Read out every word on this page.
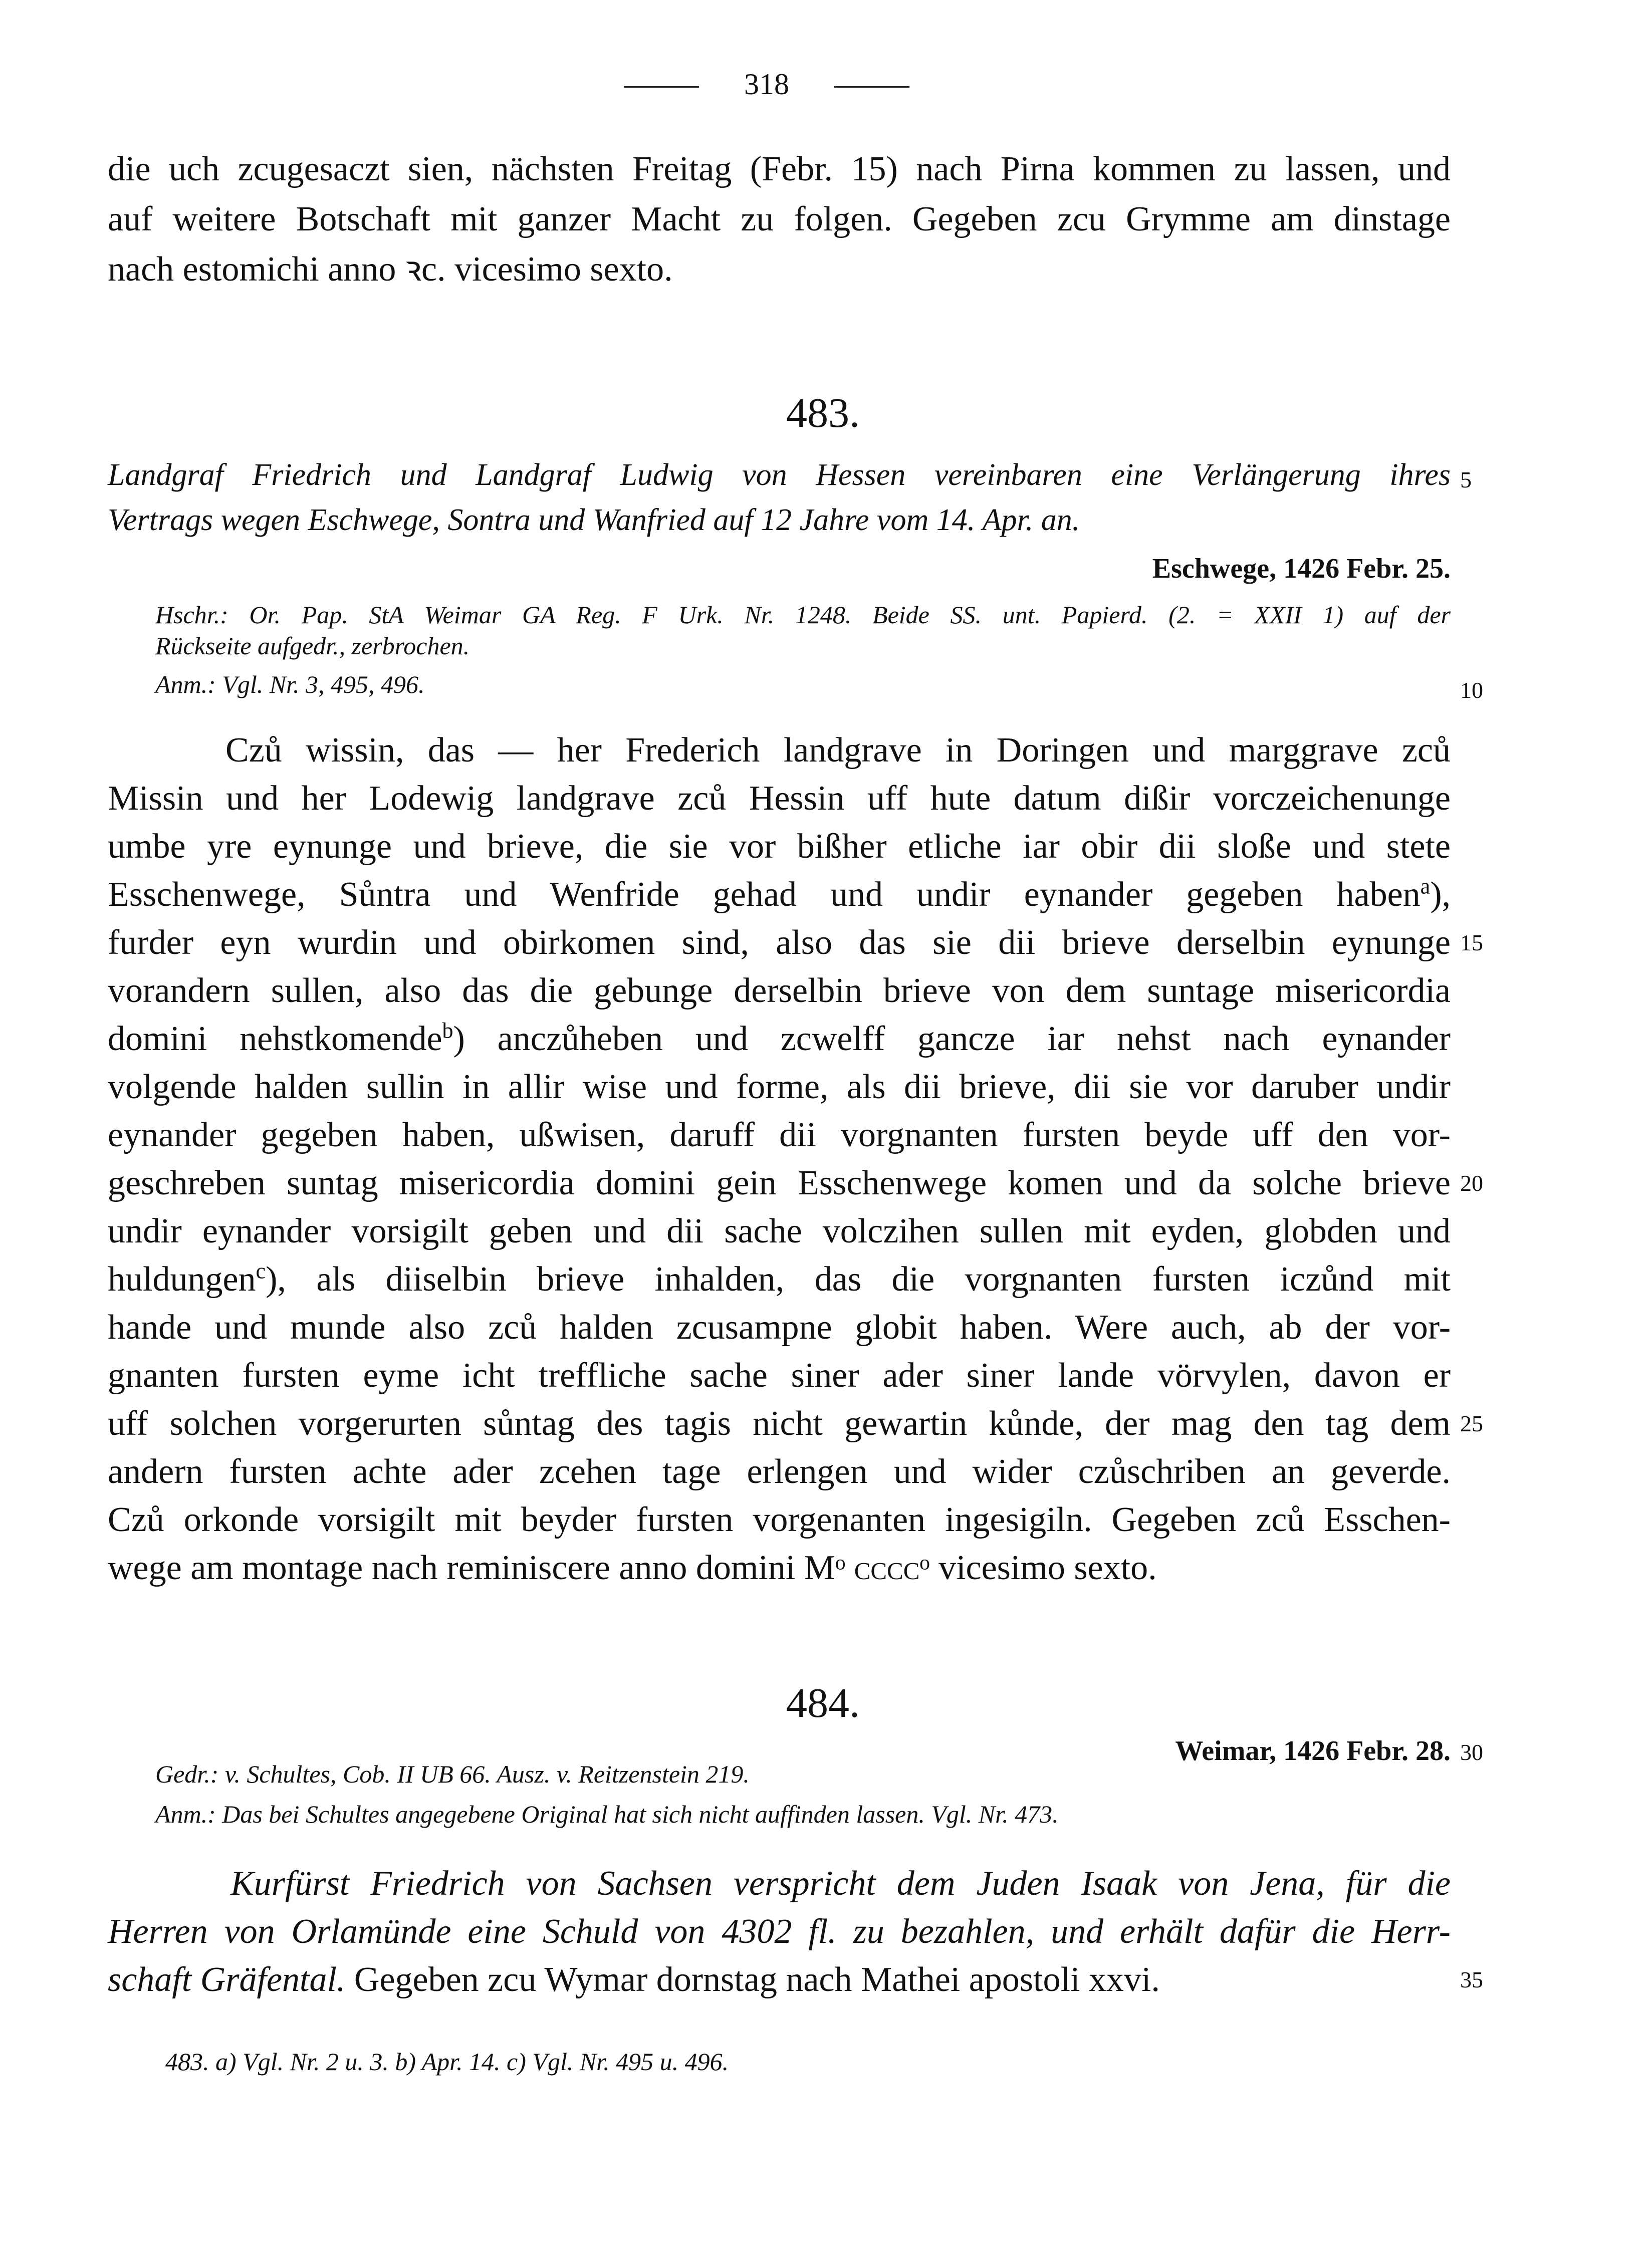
318
die uch zcugesaczt sien, nächsten Freitag (Febr. 15) nach Pirna kommen zu lassen, und
auf weitere Botschaft mit ganzer Macht zu folgen. Gegeben zcu Grymme am dinstage
nach estomichi anno ꝛc. vicesimo sexto.
483.
Landgraf Friedrich und Landgraf Ludwig von Hessen vereinbaren eine Verlängerung ihres
Vertrags wegen Eschwege, Sontra und Wanfried auf 12 Jahre vom 14. Apr. an.
Eschwege, 1426 Febr. 25.
Hschr.: Or. Pap. StA Weimar GA Reg. F Urk. Nr. 1248. Beide SS. unt. Papierd. (2. = XXII 1) auf der
Rückseite aufgedr., zerbrochen.
Anm.: Vgl. Nr. 3, 495, 496.
Czů wissin, das — her Frederich landgrave in Doringen und marggrave zců
Missin und her Lodewig landgrave zců Hessin uff hute datum dißir vorczeichenunge
umbe yre eynunge und brieve, die sie vor bißher etliche iar obir dii sloße und stete
Esschenwege, Sůntra und Wenfride gehad und undir eynander gegeben haben$^a$),
furder eyn wurdin und obirkomen sind, also das sie dii brieve derselbin eynunge
vorandern sullen, also das die gebunge derselbin brieve von dem suntage misericordia
domini nehstkomende$^b$) anczůheben und zcwelff gancze iar nehst nach eynander
volgende halden sullin in allir wise und forme, als dii brieve, dii sie vor daruber undir
eynander gegeben haben, ußwisen, daruff dii vorgnanten fursten beyde uff den vor-
geschreben suntag misericordia domini gein Esschenwege komen und da solche brieve
undir eynander vorsigilt geben und dii sache volczihen sullen mit eyden, globden und
huldungen$^c$), als diiselbin brieve inhalden, das die vorgnanten fursten iczůnd mit
hande und munde also zců halden zcusampne globit haben. Were auch, ab der vor-
gnanten fursten eyme icht treffliche sache siner ader siner lande vörvylen, davon er
uff solchen vorgerurten sůntag des tagis nicht gewartin kůnde, der mag den tag dem
andern fursten achte ader zcehen tage erlengen und wider czůschriben an geverde.
Czů orkonde vorsigilt mit beyder fursten vorgenanten ingesigiln. Gegeben zců Esschen-
wege am montage nach reminiscere anno domini Mᵒ ccccᵒ vicesimo sexto.
484.
Weimar, 1426 Febr. 28.
Gedr.: v. Schultes, Cob. II UB 66. Ausz. v. Reitzenstein 219.
Anm.: Das bei Schultes angegebene Original hat sich nicht auffinden lassen. Vgl. Nr. 473.
Kurfürst Friedrich von Sachsen verspricht dem Juden Isaak von Jena, für die
Herren von Orlamünde eine Schuld von 4302 fl. zu bezahlen, und erhält dafür die Herr-
schaft Gräfental. Gegeben zcu Wymar dornstag nach Mathei apostoli xxvi.
5
10
15
20
25
30
35
483. a) Vgl. Nr. 2 u. 3. b) Apr. 14. c) Vgl. Nr. 495 u. 496.
